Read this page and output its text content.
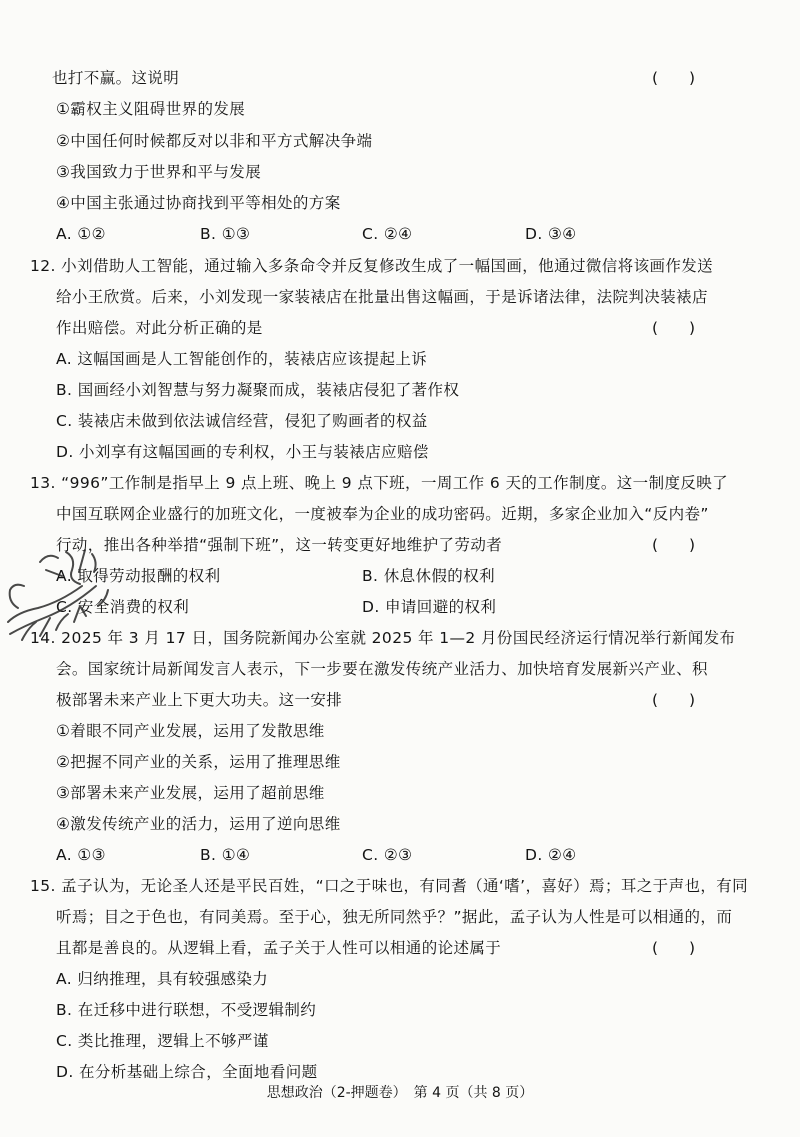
也打不赢。这说明	(　　)
①霸权主义阻碍世界的发展
②中国任何时候都反对以非和平方式解决争端
③我国致力于世界和平与发展
④中国主张通过协商找到平等相处的方案
A. ①②	B. ①③	C. ②④	D. ③④
12. 小刘借助人工智能，通过输入多条命令并反复修改生成了一幅国画，他通过微信将该画作发送
给小王欣赏。后来，小刘发现一家装裱店在批量出售这幅画，于是诉诸法律，法院判决装裱店
作出赔偿。对此分析正确的是	(　　)
A. 这幅国画是人工智能创作的，装裱店应该提起上诉
B. 国画经小刘智慧与努力凝聚而成，装裱店侵犯了著作权
C. 装裱店未做到依法诚信经营，侵犯了购画者的权益
D. 小刘享有这幅国画的专利权，小王与装裱店应赔偿
13. “996”工作制是指早上 9 点上班、晚上 9 点下班，一周工作 6 天的工作制度。这一制度反映了
中国互联网企业盛行的加班文化，一度被奉为企业的成功密码。近期，多家企业加入“反内卷”
行动，推出各种举措“强制下班”，这一转变更好地维护了劳动者	(　　)
A. 取得劳动报酬的权利	B. 休息休假的权利
C. 安全消费的权利	D. 申请回避的权利
14. 2025 年 3 月 17 日，国务院新闻办公室就 2025 年 1—2 月份国民经济运行情况举行新闻发布
会。国家统计局新闻发言人表示，下一步要在激发传统产业活力、加快培育发展新兴产业、积
极部署未来产业上下更大功夫。这一安排	(　　)
①着眼不同产业发展，运用了发散思维
②把握不同产业的关系，运用了推理思维
③部署未来产业发展，运用了超前思维
④激发传统产业的活力，运用了逆向思维
A. ①③	B. ①④	C. ②③	D. ②④
15. 孟子认为，无论圣人还是平民百姓，“口之于味也，有同耆（通‘嗜’，喜好）焉；耳之于声也，有同
听焉；目之于色也，有同美焉。至于心，独无所同然乎？”据此，孟子认为人性是可以相通的，而
且都是善良的。从逻辑上看，孟子关于人性可以相通的论述属于	(　　)
A. 归纳推理，具有较强感染力
B. 在迁移中进行联想，不受逻辑制约
C. 类比推理，逻辑上不够严谨
D. 在分析基础上综合，全面地看问题
思想政治（2-押题卷）　第 4 页（共 8 页）
